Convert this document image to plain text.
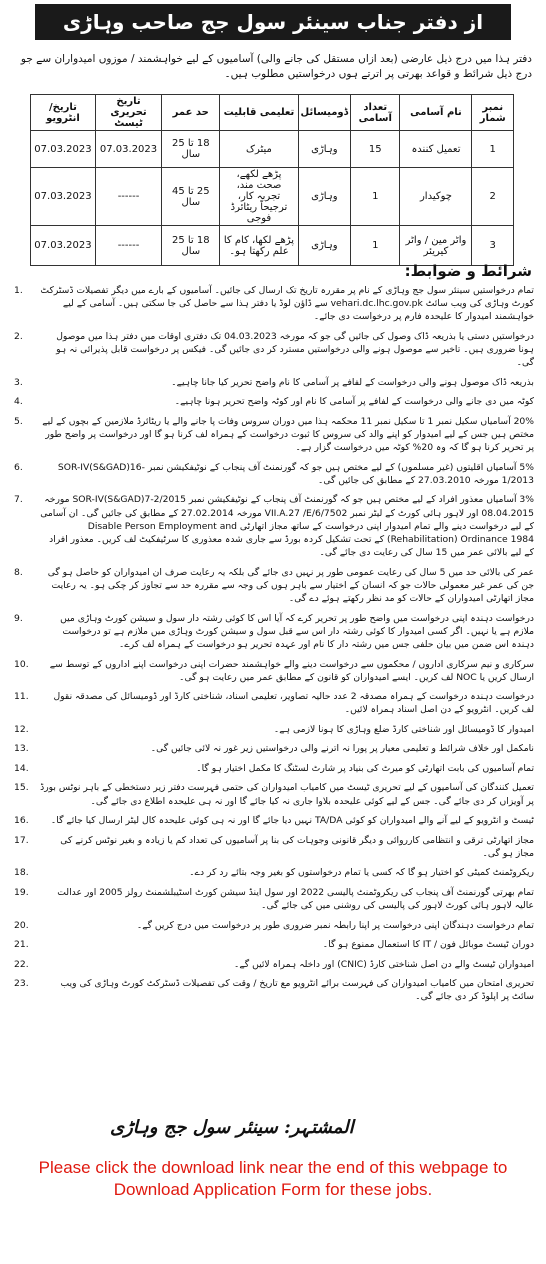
از دفتر جناب سینئر سول جج صاحب وہاڑی
دفتر ہذا میں درج ذیل عارضی (بعد ازاں مستقل کی جانے والی) آسامیوں کے لیے خواہشمند / موزوں امیدواران سے جو درج ذیل شرائط و قواعد بھرتی پر اترتے ہوں درخواستیں مطلوب ہیں۔
نمبر شمار	نام آسامی	تعداد آسامی	ڈومیسائل	تعلیمی قابلیت	حد عمر	تاریخ تحریری ٹیسٹ	تاریخ/انٹرویو
1	تعمیل کنندہ	15	وہاڑی	میٹرک	18 تا 25 سال	07.03.2023	07.03.2023
2	چوکیدار	1	وہاڑی	پڑھے لکھے، صحت مند، تجربہ کار، ترجیحاً ریٹائرڈ فوجی	25 تا 45 سال	------	07.03.2023
3	واٹر مین / واٹر کیریئر	1	وہاڑی	پڑھے لکھا، کام کا علم رکھتا ہو۔	18 تا 25 سال	------	07.03.2023
شرائط و ضوابط:
1.	تمام درخواستیں سینئر سول جج وہاڑی کے نام پر مقررہ تاریخ تک ارسال کی جائیں۔ آسامیوں کے بارے میں دیگر تفصیلات ڈسٹرکٹ کورٹ وہاڑی کی ویب سائٹ vehari.dc.lhc.gov.pk سے ڈاؤن لوڈ یا دفتر ہذا سے حاصل کی جا سکتی ہیں۔ آسامی کے لیے خواہشمند امیدوار کا علیحدہ فارم پر درخواست دی جائے۔
2.	درخواستیں دستی یا بذریعہ ڈاک وصول کی جائیں گی جو کہ مورخہ 04.03.2023 تک دفتری اوقات میں دفتر ہذا میں موصول ہونا ضروری ہیں۔ تاخیر سے موصول ہونے والی درخواستیں مسترد کر دی جائیں گی۔ فیکس پر درخواست قابل پذیرائی نہ ہو گی۔
3.	بذریعہ ڈاک موصول ہونے والی درخواست کے لفافے پر آسامی کا نام واضح تحریر کیا جانا چاہیے۔
4.	کوٹہ میں دی جانے والی درخواست کے لفافے پر آسامی کا نام اور کوٹہ واضح تحریر ہونا چاہیے۔
5.	20% آسامیاں سکیل نمبر 1 تا سکیل نمبر 11 محکمہ ہذا میں دوران سروس وفات پا جانے والے یا ریٹائرڈ ملازمین کے بچوں کے لیے مختص ہیں جس کے لیے امیدوار کو اپنے والد کی سروس کا ثبوت درخواست کے ہمراہ لف کرنا ہو گا اور درخواست پر واضح طور پر تحریر کرنا ہو گا کہ وہ 20% کوٹہ میں درخواست گزار ہے۔
6.	5% آسامیاں اقلیتوں (غیر مسلموں) کے لیے مختص ہیں جو کہ گورنمنٹ آف پنجاب کے نوٹیفکیشن نمبر SOR-IV(S&GAD)16-1/2013 مورخہ 27.03.2010 کے مطابق کی جائیں گی۔
7.	3% آسامیاں معذور افراد کے لیے مختص ہیں جو کہ گورنمنٹ آف پنجاب کے نوٹیفکیشن نمبر SOR-IV(S&GAD)7-2/2015 مورخہ 08.04.2015 اور لاہور ہائی کورٹ کے لیٹر نمبر 6/7502/VII.A.27 /E مورخہ 27.02.2014 کے مطابق کی جائیں گی۔ ان آسامی کے لیے درخواست دینے والے تمام امیدوار اپنی درخواست کے ساتھ مجاز اتھارٹی Disable Person Employment and Rehabilitation) Ordinance 1984) کے تحت تشکیل کردہ بورڈ سے جاری شدہ معذوری کا سرٹیفکیٹ لف کریں۔ معذور افراد کے لیے بالائی عمر میں 15 سال کی رعایت دی جائے گی۔
8.	عمر کی بالائی حد میں 5 سال کی رعایت عمومی طور پر نہیں دی جائے گی بلکہ یہ رعایت صرف ان امیدواران کو حاصل ہو گی جن کی عمر غیر معمولی حالات جو کہ انسان کے اختیار سے باہر ہوں کی وجہ سے مقررہ حد سے تجاوز کر چکی ہو۔ یہ رعایت مجاز اتھارٹی امیدواران کے حالات کو مد نظر رکھتے ہوئے دے گی۔
9.	درخواست دہندہ اپنی درخواست میں واضح طور پر تحریر کرے کہ آیا اس کا کوئی رشتہ دار سول و سیشن کورٹ وہاڑی میں ملازم ہے یا نہیں۔ اگر کسی امیدوار کا کوئی رشتہ دار اس سے قبل سول و سیشن کورٹ وہاڑی میں ملازم ہے تو درخواست دہندہ اس ضمن میں بیان حلفی جس میں رشتہ دار کا نام اور عہدہ تحریر ہو درخواست کے ہمراہ لف کرے۔
10.	سرکاری و نیم سرکاری اداروں / محکموں سے درخواست دینے والے خواہشمند حضرات اپنی درخواست اپنے اداروں کے توسط سے ارسال کریں یا NOC لف کریں۔ ایسے امیدواران کو قانون کے مطابق عمر میں رعایت ہو گی۔
11.	درخواست دہندہ درخواست کے ہمراہ مصدقہ 2 عدد حالیہ تصاویر، تعلیمی اسناد، شناختی کارڈ اور ڈومیسائل کی مصدقہ نقول لف کریں۔ انٹرویو کے دن اصل اسناد ہمراہ لائیں۔
12.	امیدوار کا ڈومیسائل اور شناختی کارڈ ضلع وہاڑی کا ہونا لازمی ہے۔
13.	نامکمل اور خلاف شرائط و تعلیمی معیار پر پورا نہ اترنے والی درخواستیں زیر غور نہ لائی جائیں گی۔
14.	تمام آسامیوں کی بابت اتھارٹی کو میرٹ کی بنیاد پر شارٹ لسٹنگ کا مکمل اختیار ہو گا۔
15.	تعمیل کنندگان کی آسامیوں کے لیے تحریری ٹیسٹ میں کامیاب امیدواران کی حتمی فہرست دفتر زیر دستخطی کے باہر نوٹس بورڈ پر آویزاں کر دی جائے گی۔ جس کے لیے کوئی علیحدہ بلاوا جاری نہ کیا جائے گا اور نہ ہی علیحدہ اطلاع دی جائے گی۔
16.	ٹیسٹ و انٹرویو کے لیے آنے والے امیدواران کو کوئی TA/DA نہیں دیا جائے گا اور نہ ہی کوئی علیحدہ کال لیٹر ارسال کیا جائے گا۔
17.	مجاز اتھارٹی ترقی و انتظامی کارروائی و دیگر قانونی وجوہات کی بنا پر آسامیوں کی تعداد کم یا زیادہ و بغیر نوٹس کرنے کی مجاز ہو گی۔
18.	ریکروٹمنٹ کمیٹی کو اختیار ہو گا کہ کسی یا تمام درخواستوں کو بغیر وجہ بتائے رد کر دے۔
19.	تمام بھرتی گورنمنٹ آف پنجاب کی ریکروٹمنٹ پالیسی 2022 اور سول اینڈ سیشن کورٹ اسٹیبلشمنٹ رولز 2005 اور عدالت عالیہ لاہور ہائی کورٹ لاہور کی پالیسی کی روشنی میں کی جائے گی۔
20.	تمام درخواست دہندگان اپنی درخواست پر اپنا رابطہ نمبر ضروری طور پر درخواست میں درج کریں گے۔
21.	دوران ٹیسٹ موبائل فون / IT کا استعمال ممنوع ہو گا۔
22.	امیدواران ٹیسٹ والے دن اصل شناختی کارڈ (CNIC) اور داخلہ ہمراہ لائیں گے۔
23.	تحریری امتحان میں کامیاب امیدواران کی فہرست برائے انٹرویو مع تاریخ / وقت کی تفصیلات ڈسٹرکٹ کورٹ وہاڑی کی ویب سائٹ پر اپلوڈ کر دی جائے گی۔
المشتہر: سینئر سول جج وہاڑی
Please click the download link near the end of this webpage to Download Application Form for these jobs.
